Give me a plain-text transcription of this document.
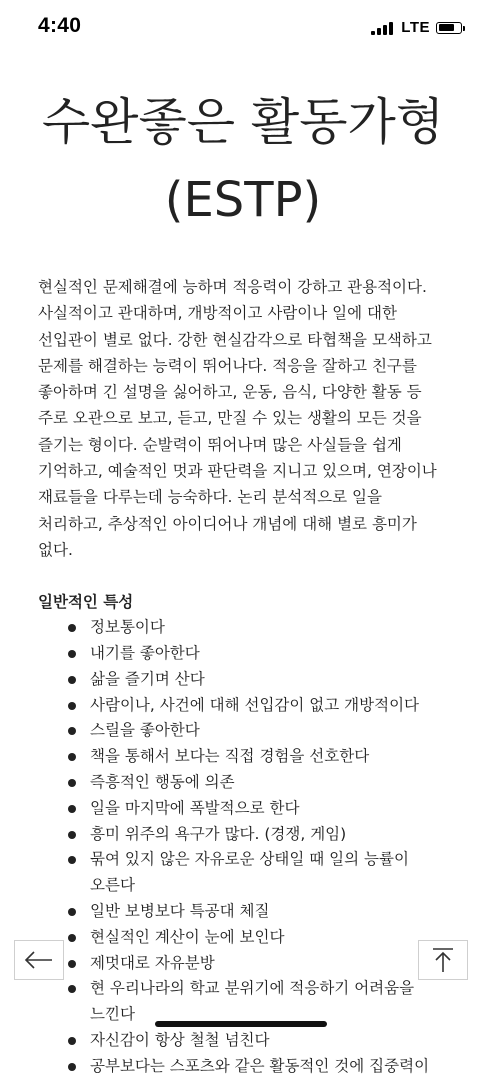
4:40	LTE

수완좋은 활동가형
(ESTP)

현실적인 문제해결에 능하며 적응력이 강하고 관용적이다. 사실적이고 관대하며, 개방적이고 사람이나 일에 대한 선입관이 별로 없다. 강한 현실감각으로 타협책을 모색하고 문제를 해결하는 능력이 뛰어나다. 적응을 잘하고 친구를 좋아하며 긴 설명을 싫어하고, 운동, 음식, 다양한 활동 등 주로 오관으로 보고, 듣고, 만질 수 있는 생활의 모든 것을 즐기는 형이다. 순발력이 뛰어나며 많은 사실들을 쉽게 기억하고, 예술적인 멋과 판단력을 지니고 있으며, 연장이나 재료들을 다루는데 능숙하다. 논리 분석적으로 일을 처리하고, 추상적인 아이디어나 개념에 대해 별로 흥미가 없다.

일반적인 특성
정보통이다
내기를 좋아한다
삶을 즐기며 산다
사람이나, 사건에 대해 선입감이 없고 개방적이다
스릴을 좋아한다
책을 통해서 보다는 직접 경험을 선호한다
즉흥적인 행동에 의존
일을 마지막에 폭발적으로 한다
흥미 위주의 욕구가 많다. (경쟁, 게임)
묶여 있지 않은 자유로운 상태일 때 일의 능률이 오른다
일반 보병보다 특공대 체질
현실적인 계산이 눈에 보인다
제멋대로 자유분방
현 우리나라의 학교 분위기에 적응하기 어려움을 느낀다
자신감이 항상 철철 넘친다
공부보다는 스포츠와 같은 활동적인 것에 집중력이
